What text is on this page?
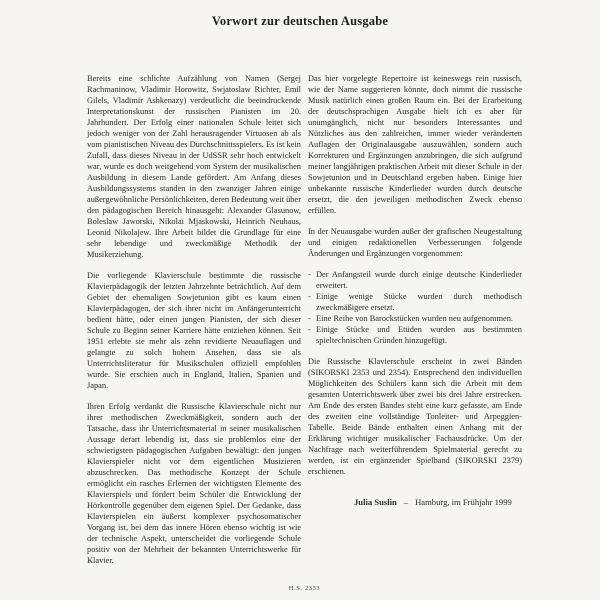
Vorwort zur deutschen Ausgabe

Bereits eine schlichte Aufzählung von Namen (Sergej Rachmaninow, Vladimir Horowitz, Swjatoslaw Richter, Emil Gilels, Vladimir Ashkenazy) verdeutlicht die beeindruckende Interpretationskunst der russischen Pianisten im 20. Jahrhundert. Der Erfolg einer nationalen Schule leitet sich jedoch weniger von der Zahl herausragender Virtuosen ab als vom pianistischen Niveau des Durchschnittsspielers. Es ist kein Zufall, dass dieses Niveau in der UdSSR sehr hoch entwickelt war, wurde es doch weitgehend vom System der musikalischen Ausbildung in diesem Lande gefördert. Am Anfang dieses Ausbildungssystems standen in den zwanziger Jahren einige außergewöhnliche Persönlichkeiten, deren Bedeutung weit über den pädagogischen Bereich hinausgeht: Alexander Glasunow, Boleslaw Jaworski, Nikolai Mjaskowski, Heinrich Neuhaus, Leonid Nikolajew. Ihre Arbeit bildet die Grundlage für eine sehr lebendige und zweckmäßige Methodik der Musikerziehung.

Die vorliegende Klavierschule bestimmte die russische Klavierpädagogik der letzten Jahrzehnte beträchtlich. Auf dem Gebiet der ehemaligen Sowjetunion gibt es kaum einen Klavierpädagogen, der sich ihrer nicht im Anfängerunterricht bedient hätte, oder einen jungen Pianisten, der sich dieser Schule zu Beginn seiner Karriere hätte entziehen können. Seit 1951 erlebte sie mehr als zehn revidierte Neuauflagen und gelangte zu solch hohem Ansehen, dass sie als Unterrichtsliteratur für Musikschulen offiziell empfohlen wurde. Sie erschien auch in England, Italien, Spanien und Japan.

Ihren Erfolg verdankt die Russische Klavierschule nicht nur ihrer methodischen Zweckmäßigkeit, sondern auch der Tatsache, dass ihr Unterrichtsmaterial in seiner musikalischen Aussage derart lebendig ist, dass sie problemlos eine der schwierigsten pädagogischen Aufgaben bewältigt: den jungen Klavierspieler nicht vor dem eigentlichen Musizieren abzuschrecken. Das methodische Konzept der Schule ermöglicht ein rasches Erlernen der wichtigsten Elemente des Klavierspiels und fördert beim Schüler die Entwicklung der Hörkontrolle gegenüber dem eigenen Spiel. Der Gedanke, dass Klavierspielen ein äußerst komplexer psychosomatischer Vorgang ist, bei dem das innere Hören ebenso wichtig ist wie der technische Aspekt, unterscheidet die vorliegende Schule positiv von der Mehrheit der bekannten Unterrichtswerke für Klavier.

Das hier vorgelegte Repertoire ist keineswegs rein russisch, wie der Name suggerieren könnte, doch nimmt die russische Musik natürlich einen großen Raum ein. Bei der Erarbeitung der deutschsprachigen Ausgabe hielt ich es aber für unumgänglich, nicht nur besonders Interessantes und Nützliches aus den zahlreichen, immer wieder veränderten Auflagen der Originalausgabe auszuwählen, sondern auch Korrekturen und Ergänzungen anzubringen, die sich aufgrund meiner langjährigen praktischen Arbeit mit dieser Schule in der Sowjetunion und in Deutschland ergeben haben. Einige hier unbekannte russische Kinderlieder wurden durch deutsche ersetzt, die den jeweiligen methodischen Zweck ebenso erfüllen.

In der Neuausgabe wurden außer der grafischen Neugestaltung und einigen redaktionellen Verbesserungen folgende Änderungen und Ergänzungen vorgenommen:

- Der Anfangsteil wurde durch einige deutsche Kinderlieder erweitert.
- Einige wenige Stücke wurden durch methodisch zweckmäßigere ersetzt.
- Eine Reihe von Barockstücken wurden neu aufgenommen.
- Einige Stücke und Etüden wurden aus bestimmten spieltechnischen Gründen hinzugefügt.

Die Russische Klavierschule erscheint in zwei Bänden (SIKORSKI 2353 und 2354). Entsprechend den individuellen Möglichkeiten des Schülers kann sich die Arbeit mit dem gesamten Unterrichtswerk über zwei bis drei Jahre erstrecken. Am Ende des ersten Bandes steht eine kurz gefasste, am Ende des zweiten eine vollständige Tonleiter- und Arpeggien-Tabelle. Beide Bände enthalten einen Anhang mit der Erklärung wichtiger musikalischer Fachausdrücke. Um der Nachfrage nach weiterführendem Spielmaterial gerecht zu werden, ist ein ergänzender Spielband (SIKORSKI 2379) erschienen.

Julia Suslin – Hamburg, im Frühjahr 1999
H.S. 2353
